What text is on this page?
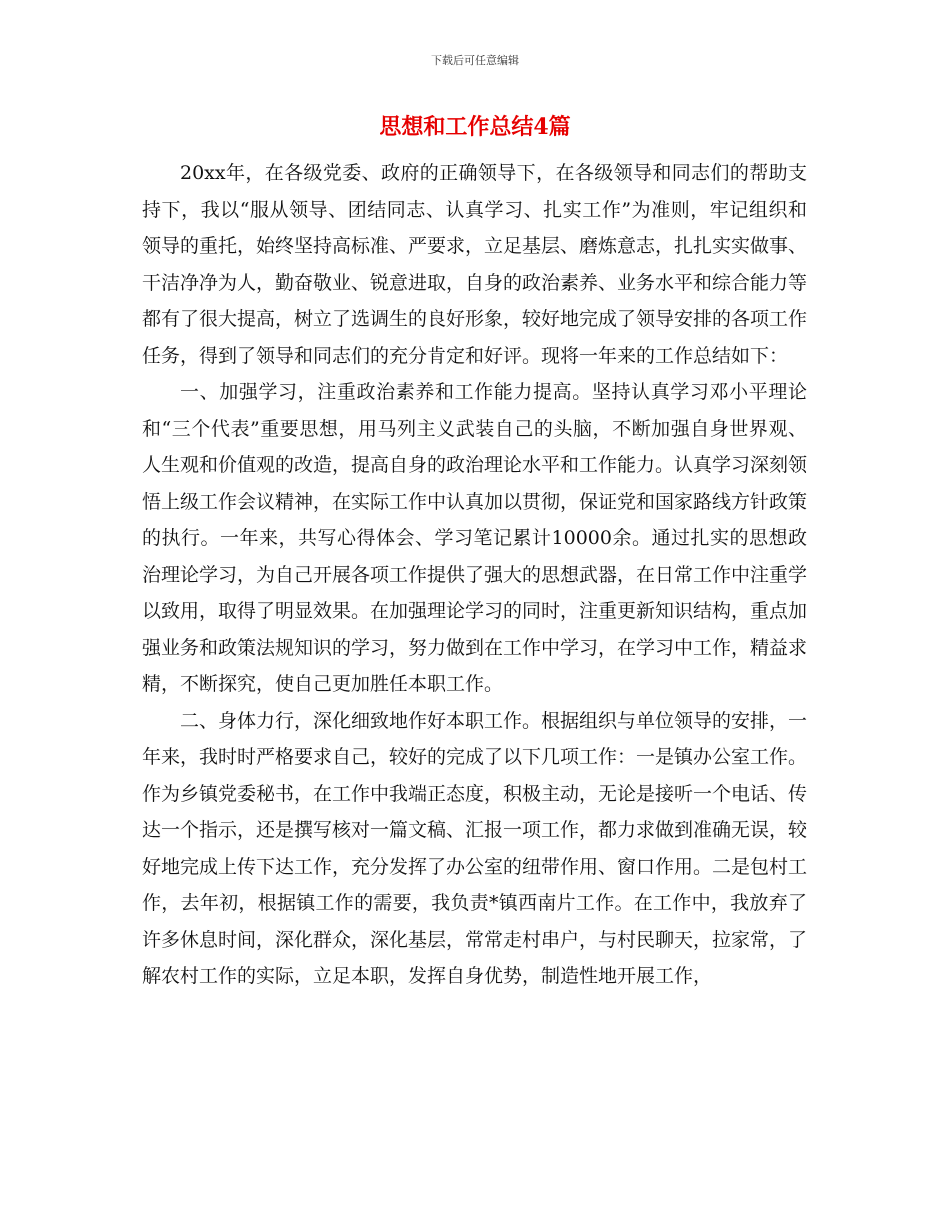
下载后可任意编辑
思想和工作总结4篇

20xx年，在各级党委、政府的正确领导下，在各级领导和同志们的帮助支持下，我以“服从领导、团结同志、认真学习、扎实工作”为准则，牢记组织和领导的重托，始终坚持高标准、严要求，立足基层、磨炼意志，扎扎实实做事、干洁净净为人，勤奋敬业、锐意进取，自身的政治素养、业务水平和综合能力等都有了很大提高，树立了选调生的良好形象，较好地完成了领导安排的各项工作任务，得到了领导和同志们的充分肯定和好评。现将一年来的工作总结如下：

一、加强学习，注重政治素养和工作能力提高。坚持认真学习邓小平理论和“三个代表”重要思想，用马列主义武装自己的头脑，不断加强自身世界观、人生观和价值观的改造，提高自身的政治理论水平和工作能力。认真学习深刻领悟上级工作会议精神，在实际工作中认真加以贯彻，保证党和国家路线方针政策的执行。一年来，共写心得体会、学习笔记累计10000余。通过扎实的思想政治理论学习，为自己开展各项工作提供了强大的思想武器，在日常工作中注重学以致用，取得了明显效果。在加强理论学习的同时，注重更新知识结构，重点加强业务和政策法规知识的学习，努力做到在工作中学习，在学习中工作，精益求精，不断探究，使自己更加胜任本职工作。

二、身体力行，深化细致地作好本职工作。根据组织与单位领导的安排，一年来，我时时严格要求自己，较好的完成了以下几项工作：一是镇办公室工作。作为乡镇党委秘书，在工作中我端正态度，积极主动，无论是接听一个电话、传达一个指示，还是撰写核对一篇文稿、汇报一项工作，都力求做到准确无误，较好地完成上传下达工作，充分发挥了办公室的纽带作用、窗口作用。二是包村工作，去年初，根据镇工作的需要，我负责*镇西南片工作。在工作中，我放弃了许多休息时间，深化群众，深化基层，常常走村串户，与村民聊天，拉家常，了解农村工作的实际，立足本职，发挥自身优势，制造性地开展工作，
